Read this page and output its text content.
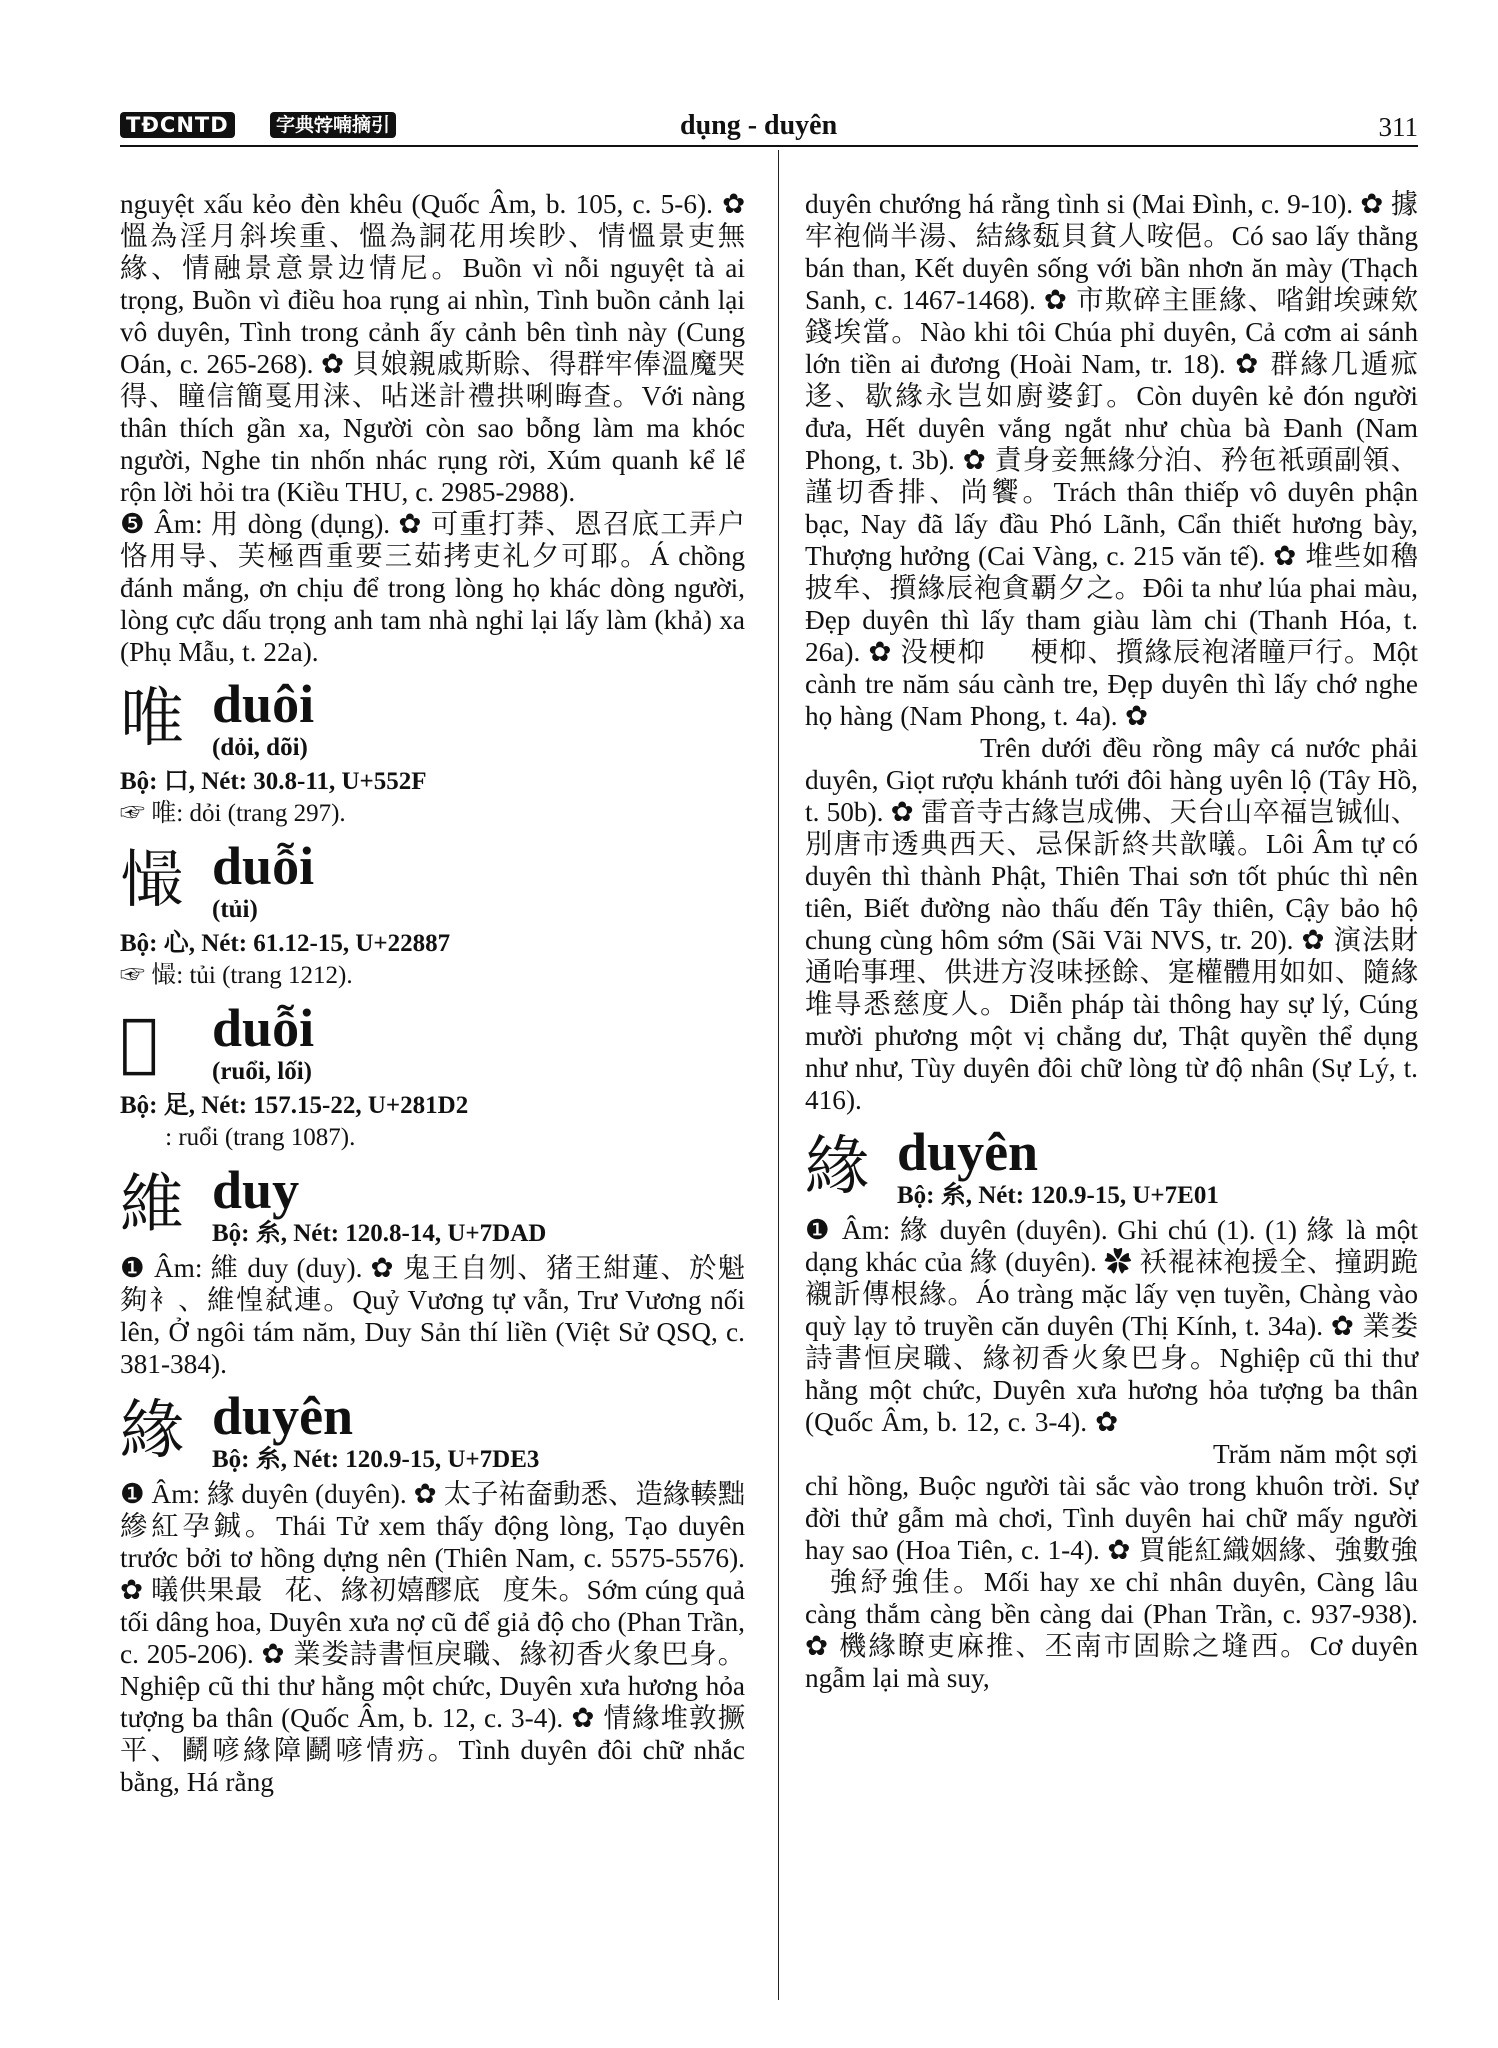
TĐCNTD	字典𡨸喃摘引	dụng - duyên	311

nguyệt xấu kẻo đèn khêu (Quốc Âm, b. 105, c. 5-6). ✿ 慍為淫月斜埃重、慍為詷花用埃眇、情慍景吏無緣、情融景意景边情尼。Buồn vì nỗi nguyệt tà ai trọng, Buồn vì điều hoa rụng ai nhìn, Tình buồn cảnh lại vô duyên, Tình trong cảnh ấy cảnh bên tình này (Cung Oán, c. 265-268). ✿ 貝娘親戚斯賒、得群牢俸溫魔哭得、瞳信簡戛用涞、呫迷計禮拱唎晦查。Với nàng thân thích gần xa, Người còn sao bỗng làm ma khóc người, Nghe tin nhốn nhác rụng rời, Xúm quanh kể lể rộn lời hỏi tra (Kiều THU, c. 2985-2988).

❺ Âm: 用 dòng (dụng). ✿ 可重打莽、恩召底工弄户恪用导、芙極酉重要三茹拷吏礼夕可耶。Á chồng đánh mắng, ơn chịu để trong lòng họ khác dòng người, lòng cực dấu trọng anh tam nhà nghỉ lại lấy làm (khả) xa (Phụ Mẫu, t. 22a).

唯 duôi
(dỏi, dõi)

Bộ: 口, Nét: 30.8-11, U+552F

☞ 唯: dỏi (trang 297).

𢢇 duỗi
(tủi)

Bộ: 心, Nét: 61.12-15, U+22887

☞ 𢢇: tủi (trang 1212).

𨇒 duỗi
(ruổi, lối)

Bộ: 足, Nét: 157.15-22, U+281D2

☞ 𨇒: ruổi (trang 1087).

維 duy
Bộ: 糸, Nét: 120.8-14, U+7DAD

❶ Âm: 維 duy (duy). ✿ 鬼王自刎、猪王紺蓮、於魁夠衤、維惶弑連。Quỷ Vương tự vẫn, Trư Vương nối lên, Ở ngôi tám năm, Duy Sản thí liền (Việt Sử QSQ, c. 381-384).

緣 duyên
Bộ: 糸, Nét: 120.9-15, U+7DE3

❶ Âm: 緣 duyên (duyên). ✿ 太子祐奤動悉、造緣輳黜縿紅孕鋮。Thái Tử xem thấy động lòng, Tạo duyên trước bởi tơ hồng dựng nên (Thiên Nam, c. 5575-5576). ✿ 㬢供果最𨄹花、緣初嬉醪底𦘧度朱。Sớm cúng quả tối dâng hoa, Duyên xưa nợ cũ để giả độ cho (Phan Trần, c. 205-206). ✿ 業娄詩書恒戾職、緣初香火象巴身。Nghiệp cũ thi thư hằng một chức, Duyên xưa hương hỏa tượng ba thân (Quốc Âm, b. 12, c. 3-4). ✿ 情緣堆敦撅平、鬬喭緣障鬬喭情疓。Tình duyên đôi chữ nhắc bằng, Há rằng

duyên chướng há rằng tình si (Mai Đình, c. 9-10). ✿ 據牢袍倘半湯、結緣瓾貝貧人咹俋。Có sao lấy thằng bán than, Kết duyên sống với bần nhơn ăn mày (Thạch Sanh, c. 1467-1468). ✿ 市欺碎主匪緣、㗂鉗埃䜹欸錢埃當。Nào khi tôi Chúa phỉ duyên, Cả cơm ai sánh lớn tiền ai đương (Hoài Nam, tr. 18). ✿ 群緣几遁㽿迻、歇緣永岂如廚婆釘。Còn duyên kẻ đón người đưa, Hết duyên vắng ngắt như chùa bà Đanh (Nam Phong, t. 3b). ✿ 責身妾無緣分泊、矜㐌衹頭副領、謹切香排、尚饗。Trách thân thiếp vô duyên phận bạc, Nay đã lấy đầu Phó Lãnh, Cẩn thiết hương bày, Thượng hưởng (Cai Vàng, c. 215 văn tế). ✿ 堆些如穭披牟、㩫緣辰袍貪覇夕之。Đôi ta như lúa phai màu, Đẹp duyên thì lấy tham giàu làm chi (Thanh Hóa, t. 26a). ✿ 没梗枊𦓿𣘃梗枊、㩫緣辰袍渚瞳戸行。Một cành tre năm sáu cành tre, Đẹp duyên thì lấy chớ nghe họ hàng (Nam Phong, t. 4a). ✿ 𨕭𠁑調𧍰䝼躲渃沛緣、渀醽慶洒隊行鴛鷺。Trên dưới đều rồng mây cá nước phải duyên, Giọt rượu khánh tưới đôi hàng uyên lộ (Tây Hồ, t. 50b). ✿ 雷音寺古緣岂成佛、天台山卒福岂铖仙、別唐市透典西天、忌保訢終共歆㬢。Lôi Âm tự có duyên thì thành Phật, Thiên Thai sơn tốt phúc thì nên tiên, Biết đường nào thấu đến Tây thiên, Cậy bảo hộ chung cùng hôm sớm (Sãi Vãi NVS, tr. 20). ✿ 演法財通咍事理、供进方沒味拯餘、寔權體用如如、隨緣堆㝵悉慈度人。Diễn pháp tài thông hay sự lý, Cúng mười phương một vị chẳng dư, Thật quyền thể dụng như như, Tùy duyên đôi chữ lòng từ độ nhân (Sự Lý, t. 416).

緣 duyên
Bộ: 糸, Nét: 120.9-15, U+7E01

❶ Âm: 緣 duyên (duyên). Ghi chú (1). (1) 緣 là một dạng khác của 緣 (duyên). ✿ 袄裩袜袍援全、撞跀跪襯訢傳根緣。Áo tràng mặc lấy vẹn tuyền, Chàng vào quỳ lạy tỏ truyền căn duyên (Thị Kính, t. 34a). ✿ 業娄詩書恒戾職、緣初香火象巴身。Nghiệp cũ thi thư hằng một chức, Duyên xưa hương hỏa tượng ba thân (Quốc Âm, b. 12, c. 3-4). ✿ 𢆥𦤾沒紅織紅纆䏧才色䏧䘛困丕。事𢧚此𠁀㕵𨔈、情緣仁㝵尒得能㝵。Trăm năm một sợi chỉ hồng, Buộc người tài sắc vào trong khuôn trời. Sự đời thử gẫm mà chơi, Tình duyên hai chữ mấy người hay sao (Hoa Tiên, c. 1-4). ✿ 買能紅織姻緣、強數強𦛌強紓強佳。Mối hay xe chỉ nhân duyên, Càng lâu càng thắm càng bền càng dai (Phan Trần, c. 937-938). ✿ 機緣瞭吏麻推、丕南市固賒之塳西。Cơ duyên ngẫm lại mà suy,
